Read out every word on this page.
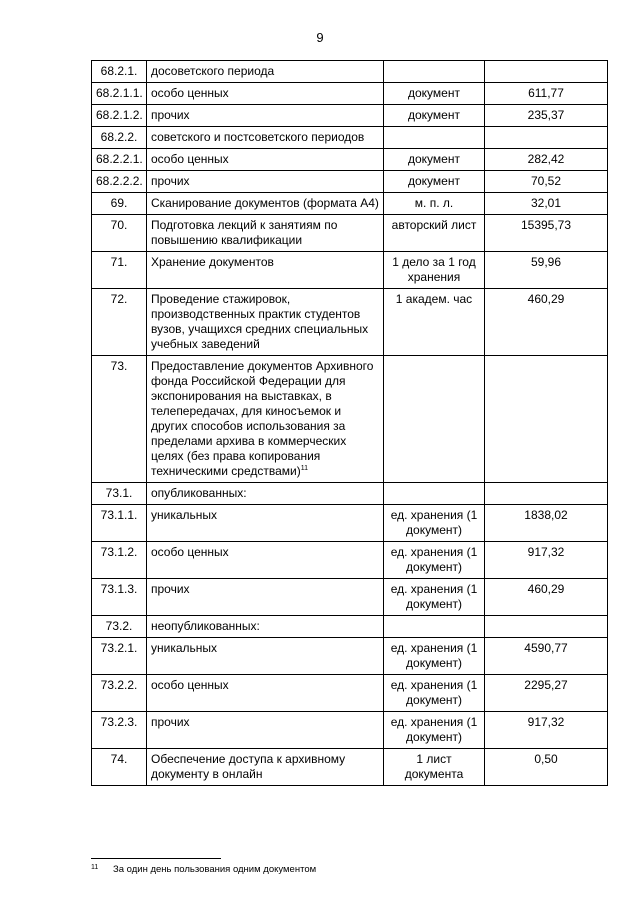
9
68.2.1.	досоветского периода		
68.2.1.1.	особо ценных	документ	611,77
68.2.1.2.	прочих	документ	235,37
68.2.2.	советского и постсоветского периодов		
68.2.2.1.	особо ценных	документ	282,42
68.2.2.2.	прочих	документ	70,52
69.	Сканирование документов (формата А4)	м. п. л.	32,01
70.	Подготовка лекций к занятиям по повышению квалификации	авторский лист	15395,73
71.	Хранение документов	1 дело за 1 год хранения	59,96
72.	Проведение стажировок, производственных практик студентов вузов, учащихся средних специальных учебных заведений	1 академ. час	460,29
73.	Предоставление документов Архивного фонда Российской Федерации для экспонирования на выставках, в телепередачах, для киносъемок и других способов использования за пределами архива в коммерческих целях (без права копирования техническими средствами)$^{11}$		
73.1.	опубликованных:		
73.1.1.	уникальных	ед. хранения (1 документ)	1838,02
73.1.2.	особо ценных	ед. хранения (1 документ)	917,32
73.1.3.	прочих	ед. хранения (1 документ)	460,29
73.2.	неопубликованных:		
73.2.1.	уникальных	ед. хранения (1 документ)	4590,77
73.2.2.	особо ценных	ед. хранения (1 документ)	2295,27
73.2.3.	прочих	ед. хранения (1 документ)	917,32
74.	Обеспечение доступа к архивному документу в онлайн	1 лист документа	0,50
11 За один день пользования одним документом
